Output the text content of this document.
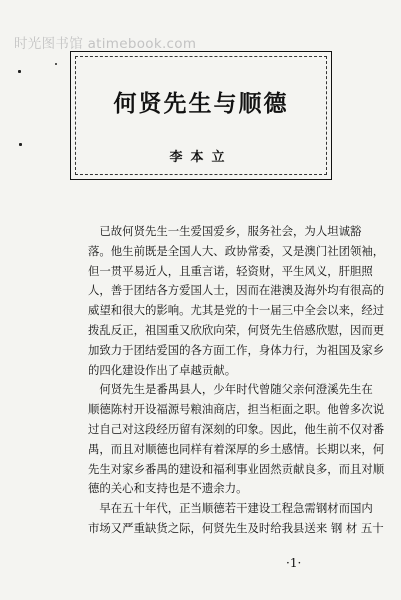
时光图书馆 atimebook.com
何贤先生与顺德
李本立

已故何贤先生一生爱国爱乡，服务社会，为人坦诚豁

落。他生前既是全国人大、政协常委，又是澳门社团领袖，

但一贯平易近人，且重言诺，轻资财，平生风义，肝胆照

人，善于团结各方爱国人士，因而在港澳及海外均有很高的

威望和很大的影响。尤其是党的十一届三中全会以来，经过

拨乱反正，祖国重又欣欣向荣，何贤先生倍感欣慰，因而更

加致力于团结爱国的各方面工作，身体力行，为祖国及家乡

的四化建设作出了卓越贡献。

何贤先生是番禺县人，少年时代曾随父亲何澄溪先生在

顺德陈村开设福源号粮油商店，担当柜面之职。他曾多次说

过自己对这段经历留有深刻的印象。因此，他生前不仅对番

禺，而且对顺德也同样有着深厚的乡土感情。长期以来，何

先生对家乡番禺的建设和福利事业固然贡献良多，而且对顺

德的关心和支持也是不遗余力。

早在五十年代，正当顺德若干建设工程急需钢材而国内

市场又严重缺货之际，何贤先生及时给我县送来 钢 材 五十

·1·
